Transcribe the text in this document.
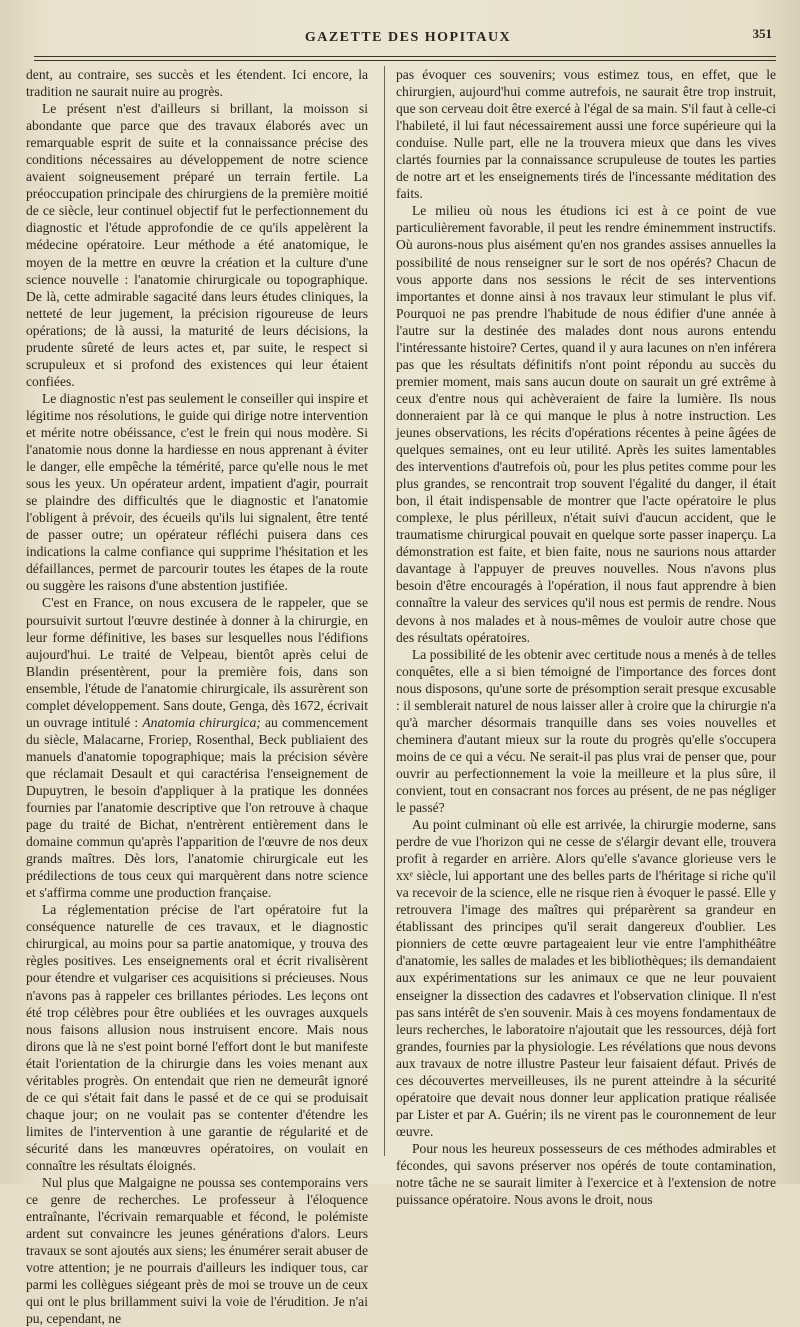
GAZETTE DES HOPITAUX	351

dent, au contraire, ses succès et les étendent. Ici encore, la tradition ne saurait nuire au progrès.

Le présent n'est d'ailleurs si brillant, la moisson si abondante que parce que des travaux élaborés avec un remarquable esprit de suite et la connaissance précise des conditions nécessaires au développement de notre science avaient soigneusement préparé un terrain fertile. La préoccupation principale des chirurgiens de la première moitié de ce siècle, leur continuel objectif fut le perfectionnement du diagnostic et l'étude approfondie de ce qu'ils appelèrent la médecine opératoire. Leur méthode a été anatomique, le moyen de la mettre en œuvre la création et la culture d'une science nouvelle : l'anatomie chirurgicale ou topographique. De là, cette admirable sagacité dans leurs études cliniques, la netteté de leur jugement, la précision rigoureuse de leurs opérations; de là aussi, la maturité de leurs décisions, la prudente sûreté de leurs actes et, par suite, le respect si scrupuleux et si profond des existences qui leur étaient confiées.

Le diagnostic n'est pas seulement le conseiller qui inspire et légitime nos résolutions, le guide qui dirige notre intervention et mérite notre obéissance, c'est le frein qui nous modère. Si l'anatomie nous donne la hardiesse en nous apprenant à éviter le danger, elle empêche la témérité, parce qu'elle nous le met sous les yeux. Un opérateur ardent, impatient d'agir, pourrait se plaindre des difficultés que le diagnostic et l'anatomie l'obligent à prévoir, des écueils qu'ils lui signalent, être tenté de passer outre; un opérateur réfléchi puisera dans ces indications la calme confiance qui supprime l'hésitation et les défaillances, permet de parcourir toutes les étapes de la route ou suggère les raisons d'une abstention justifiée.

C'est en France, on nous excusera de le rappeler, que se poursuivit surtout l'œuvre destinée à donner à la chirurgie, en leur forme définitive, les bases sur lesquelles nous l'édifions aujourd'hui. Le traité de Velpeau, bientôt après celui de Blandin présentèrent, pour la première fois, dans son ensemble, l'étude de l'anatomie chirurgicale, ils assurèrent son complet développement. Sans doute, Genga, dès 1672, écrivait un ouvrage intitulé : Anatomia chirurgica; au commencement du siècle, Malacarne, Froriep, Rosenthal, Beck publiaient des manuels d'anatomie topographique; mais la précision sévère que réclamait Desault et qui caractérisa l'enseignement de Dupuytren, le besoin d'appliquer à la pratique les données fournies par l'anatomie descriptive que l'on retrouve à chaque page du traité de Bichat, n'entrèrent entièrement dans le domaine commun qu'après l'apparition de l'œuvre de nos deux grands maîtres. Dès lors, l'anatomie chirurgicale eut les prédilections de tous ceux qui marquèrent dans notre science et s'affirma comme une production française.

La réglementation précise de l'art opératoire fut la conséquence naturelle de ces travaux, et le diagnostic chirurgical, au moins pour sa partie anatomique, y trouva des règles positives. Les enseignements oral et écrit rivalisèrent pour étendre et vulgariser ces acquisitions si précieuses. Nous n'avons pas à rappeler ces brillantes périodes. Les leçons ont été trop célèbres pour être oubliées et les ouvrages auxquels nous faisons allusion nous instruisent encore. Mais nous dirons que là ne s'est point borné l'effort dont le but manifeste était l'orientation de la chirurgie dans les voies menant aux véritables progrès. On entendait que rien ne demeurât ignoré de ce qui s'était fait dans le passé et de ce qui se produisait chaque jour; on ne voulait pas se contenter d'étendre les limites de l'intervention à une garantie de régularité et de sécurité dans les manœuvres opératoires, on voulait en connaître les résultats éloignés.

Nul plus que Malgaigne ne poussa ses contemporains vers ce genre de recherches. Le professeur à l'éloquence entraînante, l'écrivain remarquable et fécond, le polémiste ardent sut convaincre les jeunes générations d'alors. Leurs travaux se sont ajoutés aux siens; les énumérer serait abuser de votre attention; je ne pourrais d'ailleurs les indiquer tous, car parmi les collègues siégeant près de moi se trouve un de ceux qui ont le plus brillamment suivi la voie de l'érudition. Je n'ai pu, cependant, ne

pas évoquer ces souvenirs; vous estimez tous, en effet, que le chirurgien, aujourd'hui comme autrefois, ne saurait être trop instruit, que son cerveau doit être exercé à l'égal de sa main. S'il faut à celle-ci l'habileté, il lui faut nécessairement aussi une force supérieure qui la conduise. Nulle part, elle ne la trouvera mieux que dans les vives clartés fournies par la connaissance scrupuleuse de toutes les parties de notre art et les enseignements tirés de l'incessante méditation des faits.

Le milieu où nous les étudions ici est à ce point de vue particulièrement favorable, il peut les rendre éminemment instructifs. Où aurons-nous plus aisément qu'en nos grandes assises annuelles la possibilité de nous renseigner sur le sort de nos opérés? Chacun de vous apporte dans nos sessions le récit de ses interventions importantes et donne ainsi à nos travaux leur stimulant le plus vif. Pourquoi ne pas prendre l'habitude de nous édifier d'une année à l'autre sur la destinée des malades dont nous aurons entendu l'intéressante histoire? Certes, quand il y aura lacunes on n'en inférera pas que les résultats définitifs n'ont point répondu au succès du premier moment, mais sans aucun doute on saurait un gré extrême à ceux d'entre nous qui achèveraient de faire la lumière. Ils nous donneraient par là ce qui manque le plus à notre instruction. Les jeunes observations, les récits d'opérations récentes à peine âgées de quelques semaines, ont eu leur utilité. Après les suites lamentables des interventions d'autrefois où, pour les plus petites comme pour les plus grandes, se rencontrait trop souvent l'égalité du danger, il était bon, il était indispensable de montrer que l'acte opératoire le plus complexe, le plus périlleux, n'était suivi d'aucun accident, que le traumatisme chirurgical pouvait en quelque sorte passer inaperçu. La démonstration est faite, et bien faite, nous ne saurions nous attarder davantage à l'appuyer de preuves nouvelles. Nous n'avons plus besoin d'être encouragés à l'opération, il nous faut apprendre à bien connaître la valeur des services qu'il nous est permis de rendre. Nous devons à nos malades et à nous-mêmes de vouloir autre chose que des résultats opératoires.

La possibilité de les obtenir avec certitude nous a menés à de telles conquêtes, elle a si bien témoigné de l'importance des forces dont nous disposons, qu'une sorte de présomption serait presque excusable : il semblerait naturel de nous laisser aller à croire que la chirurgie n'a qu'à marcher désormais tranquille dans ses voies nouvelles et cheminera d'autant mieux sur la route du progrès qu'elle s'occupera moins de ce qui a vécu. Ne serait-il pas plus vrai de penser que, pour ouvrir au perfectionnement la voie la meilleure et la plus sûre, il convient, tout en consacrant nos forces au présent, de ne pas négliger le passé?

Au point culminant où elle est arrivée, la chirurgie moderne, sans perdre de vue l'horizon qui ne cesse de s'élargir devant elle, trouvera profit à regarder en arrière. Alors qu'elle s'avance glorieuse vers le xxᵉ siècle, lui apportant une des belles parts de l'héritage si riche qu'il va recevoir de la science, elle ne risque rien à évoquer le passé. Elle y retrouvera l'image des maîtres qui préparèrent sa grandeur en établissant des principes qu'il serait dangereux d'oublier. Les pionniers de cette œuvre partageaient leur vie entre l'amphithéâtre d'anatomie, les salles de malades et les bibliothèques; ils demandaient aux expérimentations sur les animaux ce que ne leur pouvaient enseigner la dissection des cadavres et l'observation clinique. Il n'est pas sans intérêt de s'en souvenir. Mais à ces moyens fondamentaux de leurs recherches, le laboratoire n'ajoutait que les ressources, déjà fort grandes, fournies par la physiologie. Les révélations que nous devons aux travaux de notre illustre Pasteur leur faisaient défaut. Privés de ces découvertes merveilleuses, ils ne purent atteindre à la sécurité opératoire que devait nous donner leur application pratique réalisée par Lister et par A. Guérin; ils ne virent pas le couronnement de leur œuvre.

Pour nous les heureux possesseurs de ces méthodes admirables et fécondes, qui savons préserver nos opérés de toute contamination, notre tâche ne se saurait limiter à l'exercice et à l'extension de notre puissance opératoire. Nous avons le droit, nous
